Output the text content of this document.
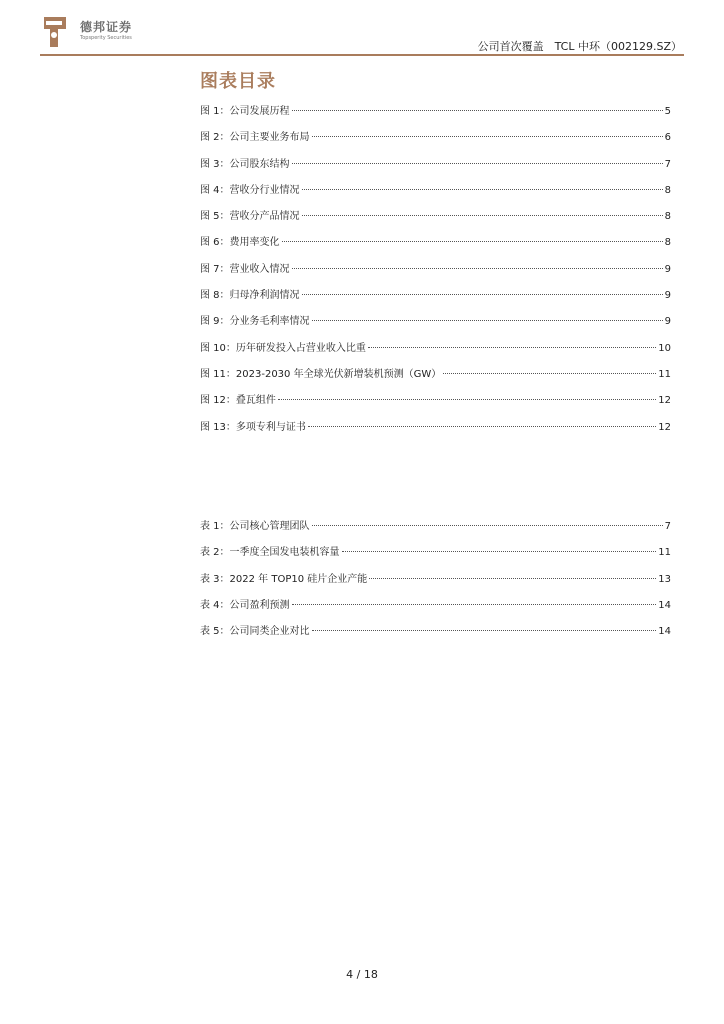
德邦证券
Topsperity Securities
公司首次覆盖　TCL 中环（002129.SZ）
图表目录
图 1：公司发展历程	5
图 2：公司主要业务布局	6
图 3：公司股东结构	7
图 4：营收分行业情况	8
图 5：营收分产品情况	8
图 6：费用率变化	8
图 7：营业收入情况	9
图 8：归母净利润情况	9
图 9：分业务毛利率情况	9
图 10：历年研发投入占营业收入比重	10
图 11：2023-2030 年全球光伏新增装机预测（GW）	11
图 12：叠瓦组件	12
图 13：多项专利与证书	12
表 1：公司核心管理团队	7
表 2：一季度全国发电装机容量	11
表 3：2022 年 TOP10 硅片企业产能	13
表 4：公司盈利预测	14
表 5：公司同类企业对比	14
4 / 18
